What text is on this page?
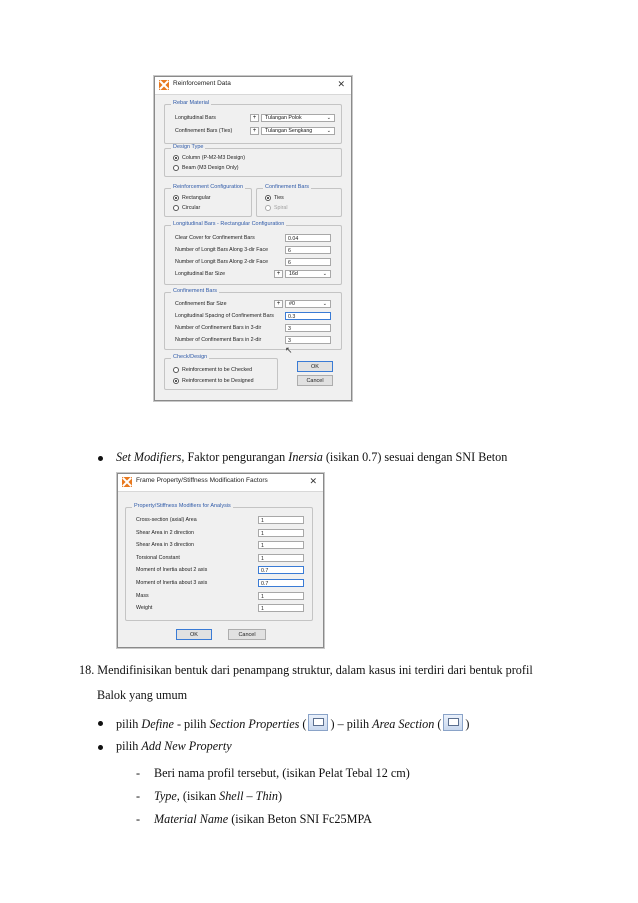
Reinforcement Data	✕
Rebar Material
Longitudinal Bars	+	Tulangan Polok	⌄
Confinement Bars (Ties)	+	Tulangan Sengkang	⌄
Design Type
Column (P-M2-M3 Design)
Beam (M3 Design Only)
Reinforcement Configuration
Rectangular
Circular
Confinement Bars
Ties
Spiral
Longitudinal Bars - Rectangular Configuration
Clear Cover for Confinement Bars	0.04
Number of Longit Bars Along 3-dir Face	6
Number of Longit Bars Along 2-dir Face	6
Longitudinal Bar Size	+	16d	⌄
Confinement Bars
Confinement Bar Size	+	#0	⌄
Longitudinal Spacing of Confinement Bars	0.3
Number of Confinement Bars in 3-dir	3
Number of Confinement Bars in 2-dir	3
Check/Design
Reinforcement to be Checked
Reinforcement to be Designed
OK
Cancel
↖
Set Modifiers, Faktor pengurangan Inersia (isikan 0.7) sesuai dengan SNI Beton
Frame Property/Stiffness Modification Factors	✕
Property/Stiffness Modifiers for Analysis
Cross-section (axial) Area	1
Shear Area in 2 direction	1
Shear Area in 3 direction	1
Torsional Constant	1
Moment of Inertia about 2 axis	0.7
Moment of Inertia about 3 axis	0.7
Mass	1
Weight	1
OK	Cancel
18. Mendifinisikan bentuk dari penampang struktur, dalam kasus ini terdiri dari bentuk profil
Balok yang umum
pilih Define - pilih Section Properties ( ) – pilih Area Section ( )
pilih Add New Property
- Beri nama profil tersebut, (isikan Pelat Tebal 12 cm)
- Type, (isikan Shell – Thin)
- Material Name (isikan Beton SNI Fc25MPA
